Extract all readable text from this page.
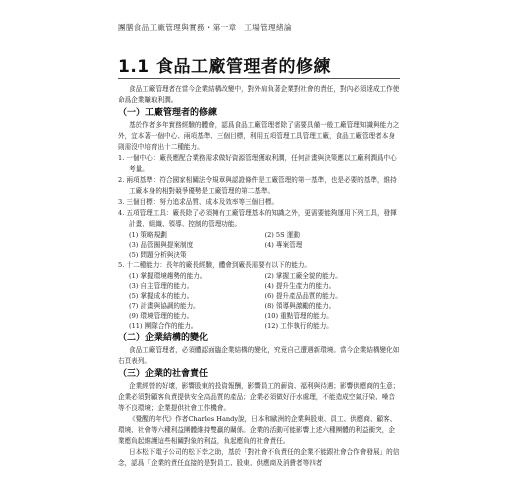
團膳食品工廠管理與實務・第一章　工場管理緒論
1.1 食品工廠管理者的修練

食品工廠管理者在當今企業結構改變中，對外肩負著企業對社會的責任，對內必須達成工作使命爲企業賺取利潤。

（一）工廠管理者的修練

基於作者多年實務經驗的體會，認爲食品工廠管理者除了需要具備一般工廠管理知識與能力之外，宜本著一個中心、兩項基準、三個目標，利用五項管理工具管理工廠，食品工廠管理者本身則需沒中培育出十二種能力。

1. 一個中心：廠長應配合業務需求做好資源管理獲取利潤，任何計畫與決策應以工廠利潤爲中心考量。
2. 兩項基準：符合國家相關法令規章與認證條件是工廠管理的第一基準，也是必要的基準，維持工廠本身的相對競爭優勢是工廠管理的第二基準。
3. 三個目標：努力追求品質、成本及效率等三個目標。
4. 五項管理工具：廠長除了必須擁有工廠管理基本的知識之外，更需要能夠運用下列工具，發揮計畫、組織、領導、控制的管理功能。
(1) 策略規劃	(2) 5S 運動
(3) 品管圈與提案制度	(4) 專案管理
(5) 問題分析與決策
5. 十二種能力：長年的廠長經驗，體會到廠長需要有以下的能力。
(1) 掌握環境趨勢的能力。	(2) 掌握工廠全貌的能力。
(3) 自主管理的能力。	(4) 提升生產力的能力。
(5) 掌握成本的能力。	(6) 提升產品品質的能力。
(7) 計畫與協調的能力。	(8) 領導與激勵的能力。
(9) 環境管理的能力。	(10) 重點管理的能力。
(11) 團隊合作的能力。	(12) 工作執行的能力。
（二）企業結構的變化

食品工廠管理者，必須體認面臨企業結構的變化，究竟自己遭遇新環境。當今企業結構變化如右頁表列。

（三）企業的社會責任

企業經營的好壞，影響股東的投資報酬，影響員工的薪資、福利與待遇；影響供應商的生意；企業必須對顧客負責提供安全高品質的產品；企業必須做好汙水處理，不能造成空氣汙染、噪音等不良環境；企業提供社會工作機會。

《覺醒的年代》作者Charles Handy說，日本和歐洲的企業與股東、員工、供應商、顧客、環境、社會等六種利益團體維持雙贏的關係。企業的活動可能影響上述六種團體的利益衝突，企業應負起維護這些相關對象的利益，負起應負的社會責任。

日本松下電子公司的松下幸之助，基於「對社會不負責任的企業不能跟社會合作會發展」的信念，認爲「企業的責任直接的是對員工、股東、供應商及消費者等四者
